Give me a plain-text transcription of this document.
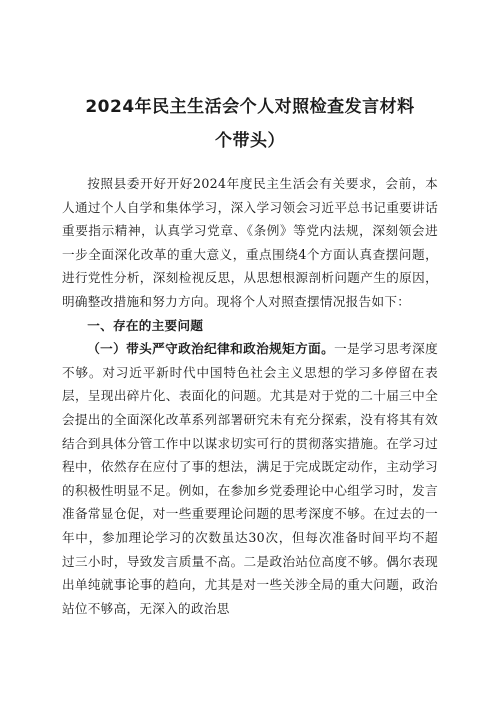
2024年民主生活会个人对照检查发言材料
个带头）

按照县委开好开好2024年度民主生活会有关要求，会前，本人通过个人自学和集体学习，深入学习领会习近平总书记重要讲话重要指示精神，认真学习党章、《条例》等党内法规，深刻领会进一步全面深化改革的重大意义，重点围绕4个方面认真查摆问题，进行党性分析，深刻检视反思，从思想根源剖析问题产生的原因，明确整改措施和努力方向。现将个人对照查摆情况报告如下：

一、存在的主要问题

（一）带头严守政治纪律和政治规矩方面。一是学习思考深度不够。对习近平新时代中国特色社会主义思想的学习多停留在表层，呈现出碎片化、表面化的问题。尤其是对于党的二十届三中全会提出的全面深化改革系列部署研究未有充分探索，没有将其有效结合到具体分管工作中以谋求切实可行的贯彻落实措施。在学习过程中，依然存在应付了事的想法，满足于完成既定动作，主动学习的积极性明显不足。例如，在参加乡党委理论中心组学习时，发言准备常显仓促，对一些重要理论问题的思考深度不够。在过去的一年中，参加理论学习的次数虽达30次，但每次准备时间平均不超过三小时，导致发言质量不高。二是政治站位高度不够。偶尔表现出单纯就事论事的趋向，尤其是对一些关涉全局的重大问题，政治站位不够高，无深入的政治思
